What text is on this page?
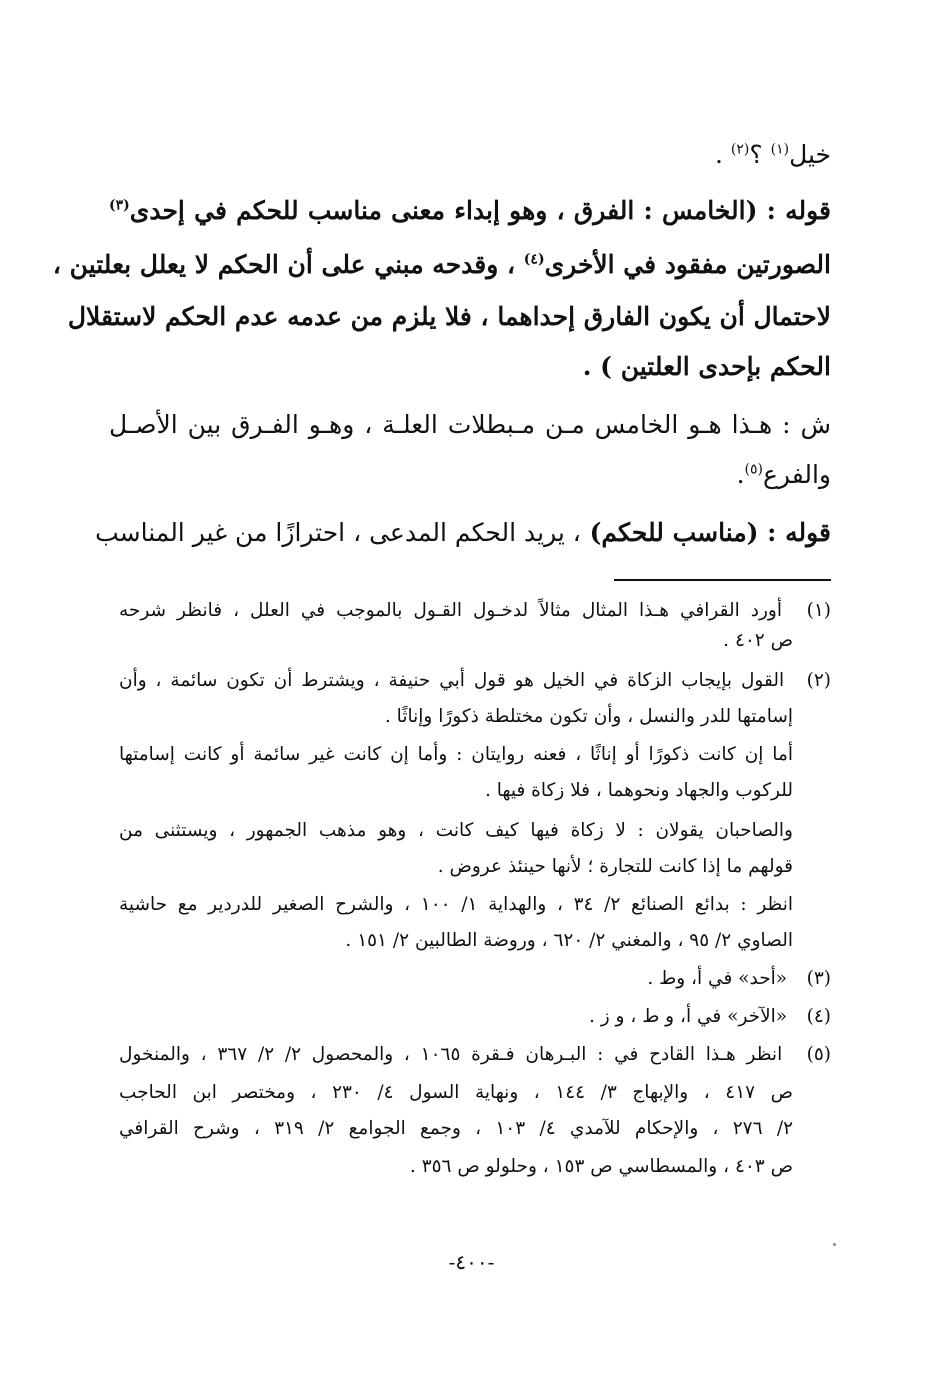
خيل$^{(١)}$ ؟$^{(٢)}$ .
قوله : (الخامس : الفرق ، وهو إبداء معنى مناسب للحكم في إحدى$^{(٣)}$
الصورتين مفقود في الأخرى$^{(٤)}$ ، وقدحه مبني على أن الحكم لا يعلل بعلتين ،
لاحتمال أن يكون الفارق إحداهما ، فلا يلزم من عدمه عدم الحكم لاستقلال
الحكم بإحدى العلتين ) .
ش : هـذا هـو الخامس مـن مـبطلات العلـة ، وهـو الفـرق بين الأصـل
والفرع$^{(٥)}$.
قوله : (مناسب للحكم) ، يريد الحكم المدعى ، احترازًا من غير المناسب
(١) أورد القرافي هـذا المثال مثالاً لدخـول القـول بالموجب في العلل ، فانظر شرحه
ص ٤٠٢ .
(٢) القول بإيجاب الزكاة في الخيل هو قول أبي حنيفة ، ويشترط أن تكون سائمة ، وأن
إسامتها للدر والنسل ، وأن تكون مختلطة ذكورًا وإناثًا .
أما إن كانت ذكورًا أو إناثًا ، فعنه روايتان : وأما إن كانت غير سائمة أو كانت إسامتها
للركوب والجهاد ونحوهما ، فلا زكاة فيها .
والصاحبان يقولان : لا زكاة فيها كيف كانت ، وهو مذهب الجمهور ، ويستثنى من
قولهم ما إذا كانت للتجارة ؛ لأنها حينئذ عروض .
انظر : بدائع الصنائع ٢/ ٣٤ ، والهداية ١/ ١٠٠ ، والشرح الصغير للدردير مع حاشية
الصاوي ٢/ ٩٥ ، والمغني ٢/ ٦٢٠ ، وروضة الطالبين ٢/ ١٥١ .
(٣) «أحد» في أ، وط .
(٤) «الآخر» في أ، و ط ، و ز .
(٥) انظر هـذا القادح في : البـرهان فـقرة ١٠٦٥ ، والمحصول ٢/ ٢/ ٣٦٧ ، والمنخول
ص ٤١٧ ، والإبهاج ٣/ ١٤٤ ، ونهاية السول ٤/ ٢٣٠ ، ومختصر ابن الحاجب
٢/ ٢٧٦ ، والإحكام للآمدي ٤/ ١٠٣ ، وجمع الجوامع ٢/ ٣١٩ ، وشرح القرافي
ص ٤٠٣ ، والمسطاسي ص ١٥٣ ، وحلولو ص ٣٥٦ .
-٤٠٠-
